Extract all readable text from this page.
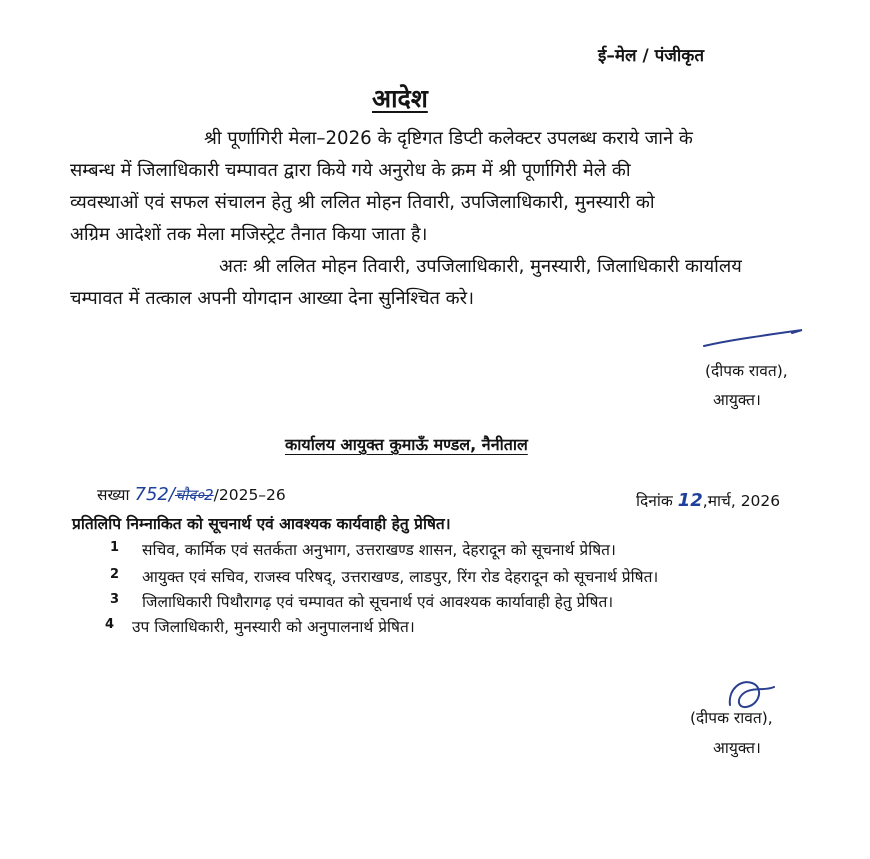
ई–मेल / पंजीकृत
आदेश
श्री पूर्णागिरी मेला–2026 के दृष्टिगत डिप्टी कलेक्टर उपलब्ध कराये जाने के
सम्बन्ध में जिलाधिकारी चम्पावत द्वारा किये गये अनुरोध के क्रम में श्री पूर्णागिरी मेले की
व्यवस्थाओं एवं सफल संचालन हेतु श्री ललित मोहन तिवारी, उपजिलाधिकारी, मुनस्यारी को
अग्रिम आदेशों तक मेला मजिस्ट्रेट तैनात किया जाता है।
अतः श्री ललित मोहन तिवारी, उपजिलाधिकारी, मुनस्यारी, जिलाधिकारी कार्यालय
चम्पावत में तत्काल अपनी योगदान आख्या देना सुनिश्चित करे।
(दीपक रावत),
आयुक्त।
कार्यालय आयुक्त कुमाऊँ मण्डल, नैनीताल
सख्या 752/चौद०2/2025–26	दिनांक 12,मार्च, 2026
प्रतिलिपि निम्नाकित को सूचनार्थ एवं आवश्यक कार्यवाही हेतु प्रेषित।
1 सचिव, कार्मिक एवं सतर्कता अनुभाग, उत्तराखण्ड शासन, देहरादून को सूचनार्थ प्रेषित।
2 आयुक्त एवं सचिव, राजस्व परिषद्, उत्तराखण्ड, लाडपुर, रिंग रोड देहरादून को सूचनार्थ प्रेषित।
3 जिलाधिकारी पिथौरागढ़ एवं चम्पावत को सूचनार्थ एवं आवश्यक कार्यावाही हेतु प्रेषित।
4 उप जिलाधिकारी, मुनस्यारी को अनुपालनार्थ प्रेषित।
(दीपक रावत),
आयुक्त।
